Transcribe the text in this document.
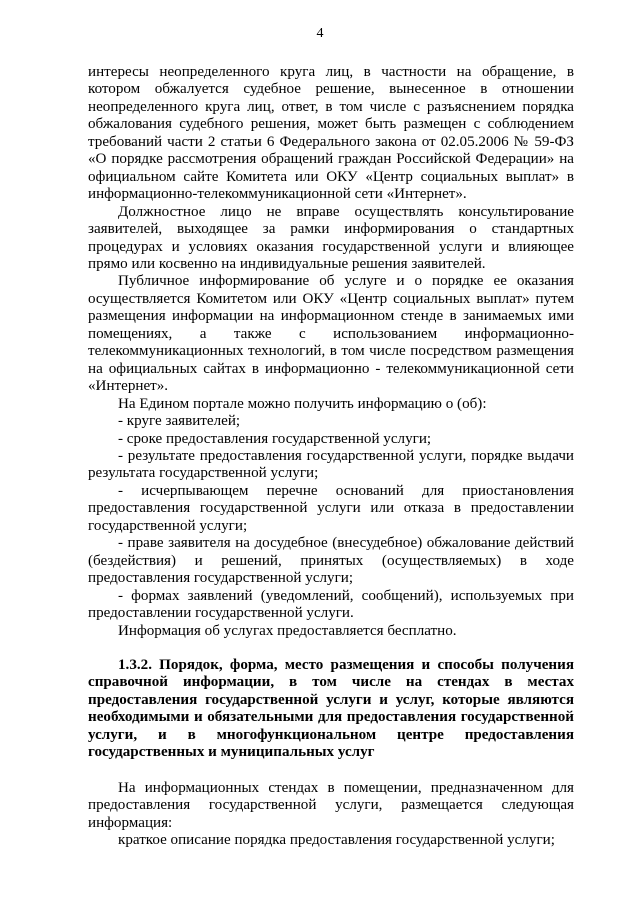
4

интересы неопределенного круга лиц, в частности на обращение, в котором обжалуется судебное решение, вынесенное в отношении неопределенного круга лиц, ответ, в том числе с разъяснением порядка обжалования судебного решения, может быть размещен с соблюдением требований части 2 статьи 6 Федерального закона от 02.05.2006 № 59-ФЗ «О порядке рассмотрения обращений граждан Российской Федерации» на официальном сайте Комитета или ОКУ «Центр социальных выплат» в информационно-телекоммуникационной сети «Интернет».

Должностное лицо не вправе осуществлять консультирование заявителей, выходящее за рамки информирования о стандартных процедурах и условиях оказания государственной услуги и влияющее прямо или косвенно на индивидуальные решения заявителей.

Публичное информирование об услуге и о порядке ее оказания осуществляется Комитетом или ОКУ «Центр социальных выплат» путем размещения информации на информационном стенде в занимаемых ими помещениях, а также с использованием информационно-телекоммуникационных технологий, в том числе посредством размещения на официальных сайтах в информационно - телекоммуникационной сети «Интернет».

На Едином портале можно получить информацию о (об):

- круге заявителей;

- сроке предоставления государственной услуги;

- результате предоставления государственной услуги, порядке выдачи результата государственной услуги;

- исчерпывающем перечне оснований для приостановления предоставления государственной услуги или отказа в предоставлении государственной услуги;

- праве заявителя на досудебное (внесудебное) обжалование действий (бездействия) и решений, принятых (осуществляемых) в ходе предоставления государственной услуги;

- формах заявлений (уведомлений, сообщений), используемых при предоставлении государственной услуги.

Информация об услугах предоставляется бесплатно.

1.3.2. Порядок, форма, место размещения и способы получения справочной информации, в том числе на стендах в местах предоставления государственной услуги и услуг, которые являются необходимыми и обязательными для предоставления государственной услуги, и в многофункциональном центре предоставления государственных и муниципальных услуг

На информационных стендах в помещении, предназначенном для предоставления государственной услуги, размещается следующая информация:

краткое описание порядка предоставления государственной услуги;
